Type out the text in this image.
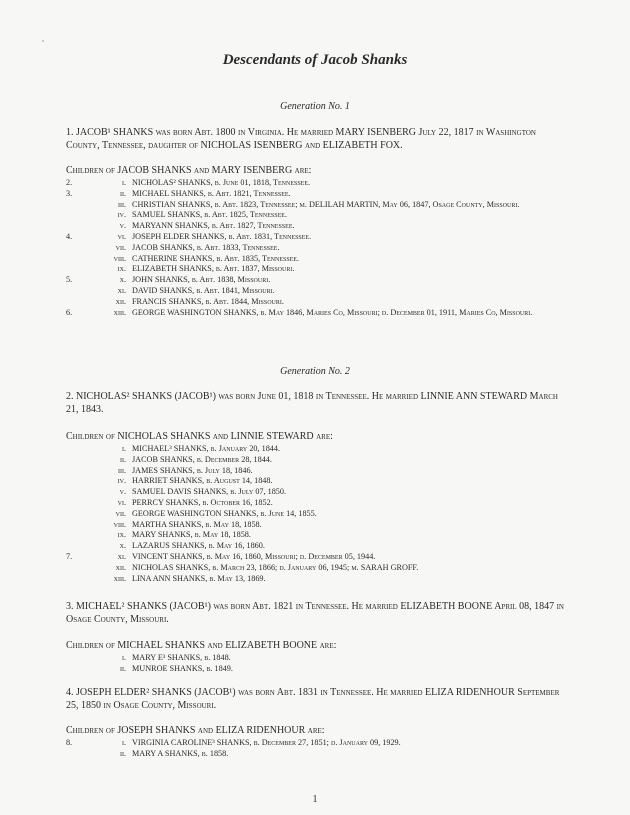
Descendants of Jacob Shanks
Generation No. 1
1. JACOB¹ SHANKS was born Abt. 1800 in Virginia. He married MARY ISENBERG July 22, 1817 in Washington County, Tennessee, daughter of NICHOLAS ISENBERG and ELIZABETH FOX.
Children of JACOB SHANKS and MARY ISENBERG are:
2.	i. NICHOLAS² SHANKS, b. June 01, 1818, Tennessee.
3.	ii. MICHAEL SHANKS, b. Abt. 1821, Tennessee.
iii. CHRISTIAN SHANKS, b. Abt. 1823, Tennessee; m. DELILAH MARTIN, May 06, 1847, Osage County, Missouri.
iv. SAMUEL SHANKS, b. Abt. 1825, Tennessee.
v. MARYANN SHANKS, b. Abt. 1827, Tennessee.
4.	vi. JOSEPH ELDER SHANKS, b. Abt. 1831, Tennessee.
vii. JACOB SHANKS, b. Abt. 1833, Tennessee.
viii. CATHERINE SHANKS, b. Abt. 1835, Tennessee.
ix. ELIZABETH SHANKS, b. Abt. 1837, Missouri.
5.	x. JOHN SHANKS, b. Abt. 1838, Missouri.
xi. DAVID SHANKS, b. Abt. 1841, Missouri.
xii. FRANCIS SHANKS, b. Abt. 1844, Missouri.
6.	xiii. GEORGE WASHINGTON SHANKS, b. May 1846, Maries Co, Missouri; d. December 01, 1911, Maries Co, Missouri.
Generation No. 2
2. NICHOLAS² SHANKS (JACOB¹) was born June 01, 1818 in Tennessee. He married LINNIE ANN STEWARD March 21, 1843.
Children of NICHOLAS SHANKS and LINNIE STEWARD are:
i. MICHAEL³ SHANKS, b. January 20, 1844.
ii. JACOB SHANKS, b. December 28, 1844.
iii. JAMES SHANKS, b. July 18, 1846.
iv. HARRIET SHANKS, b. August 14, 1848.
v. SAMUEL DAVIS SHANKS, b. July 07, 1850.
vi. PERRCY SHANKS, b. October 16, 1852.
vii. GEORGE WASHINGTON SHANKS, b. June 14, 1855.
viii. MARTHA SHANKS, b. May 18, 1858.
ix. MARY SHANKS, b. May 18, 1858.
x. LAZARUS SHANKS, b. May 16, 1860.
7.	xi. VINCENT SHANKS, b. May 16, 1860, Missouri; d. December 05, 1944.
xii. NICHOLAS SHANKS, b. March 23, 1866; d. January 06, 1945; m. SARAH GROFF.
xiii. LINA ANN SHANKS, b. May 13, 1869.
3. MICHAEL² SHANKS (JACOB¹) was born Abt. 1821 in Tennessee. He married ELIZABETH BOONE April 08, 1847 in Osage County, Missouri.
Children of MICHAEL SHANKS and ELIZABETH BOONE are:
i. MARY E³ SHANKS, b. 1848.
ii. MUNROE SHANKS, b. 1849.
4. JOSEPH ELDER² SHANKS (JACOB¹) was born Abt. 1831 in Tennessee. He married ELIZA RIDENHOUR September 25, 1850 in Osage County, Missouri.
Children of JOSEPH SHANKS and ELIZA RIDENHOUR are:
8.	i. VIRGINIA CAROLINE³ SHANKS, b. December 27, 1851; d. January 09, 1929.
ii. MARY A SHANKS, b. 1858.
1
